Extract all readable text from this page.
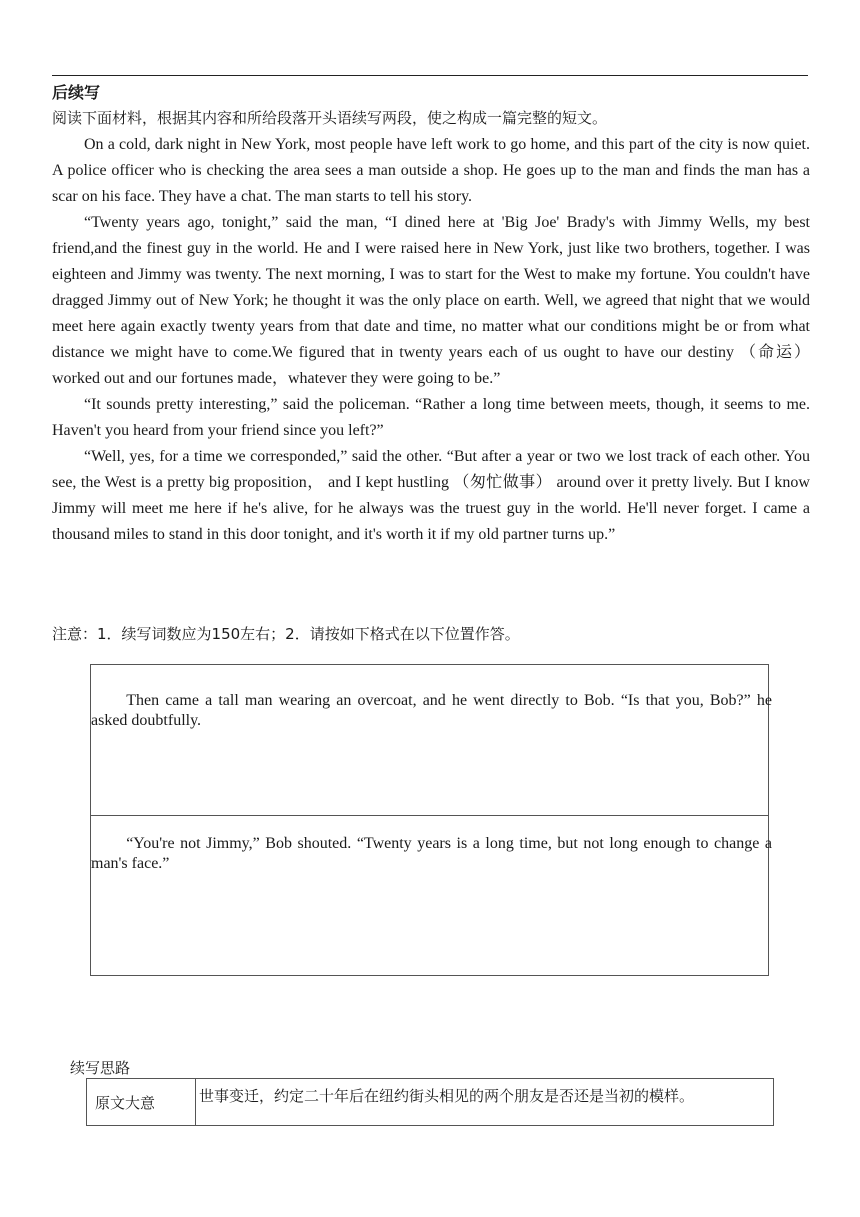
后续写
阅读下面材料，根据其内容和所给段落开头语续写两段，使之构成一篇完整的短文。

On a cold, dark night in New York, most people have left work to go home, and this part of the city is now quiet. A police officer who is checking the area sees a man outside a shop. He goes up to the man and finds the man has a scar on his face. They have a chat. The man starts to tell his story.

“Twenty years ago, tonight,” said the man, “I dined here at 'Big Joe' Brady's with Jimmy Wells, my best friend,and the finest guy in the world. He and I were raised here in New York, just like two brothers, together. I was eighteen and Jimmy was twenty. The next morning, I was to start for the West to make my fortune. You couldn't have dragged Jimmy out of New York; he thought it was the only place on earth. Well, we agreed that night that we would meet here again exactly twenty years from that date and time, no matter what our conditions might be or from what distance we might have to come.We figured that in twenty years each of us ought to have our destiny （命运） worked out and our fortunes made，whatever they were going to be.”

“It sounds pretty interesting,” said the policeman. “Rather a long time between meets, though, it seems to me. Haven't you heard from your friend since you left?”

“Well, yes, for a time we corresponded,” said the other. “But after a year or two we lost track of each other. You see, the West is a pretty big proposition， and I kept hustling （匆忙做事） around over it pretty lively. But I know Jimmy will meet me here if he's alive, for he always was the truest guy in the world. He'll never forget. I came a thousand miles to stand in this door tonight, and it's worth it if my old partner turns up.”

注意：1．续写词数应为150左右；2．请按如下格式在以下位置作答。

Then came a tall man wearing an overcoat, and he went directly to Bob. “Is that you, Bob?” he asked doubtfully.

“You're not Jimmy,” Bob shouted. “Twenty years is a long time, but not long enough to change a man's face.”

续写思路
原文大意	世事变迁，约定二十年后在纽约街头相见的两个朋友是否还是当初的模样。
